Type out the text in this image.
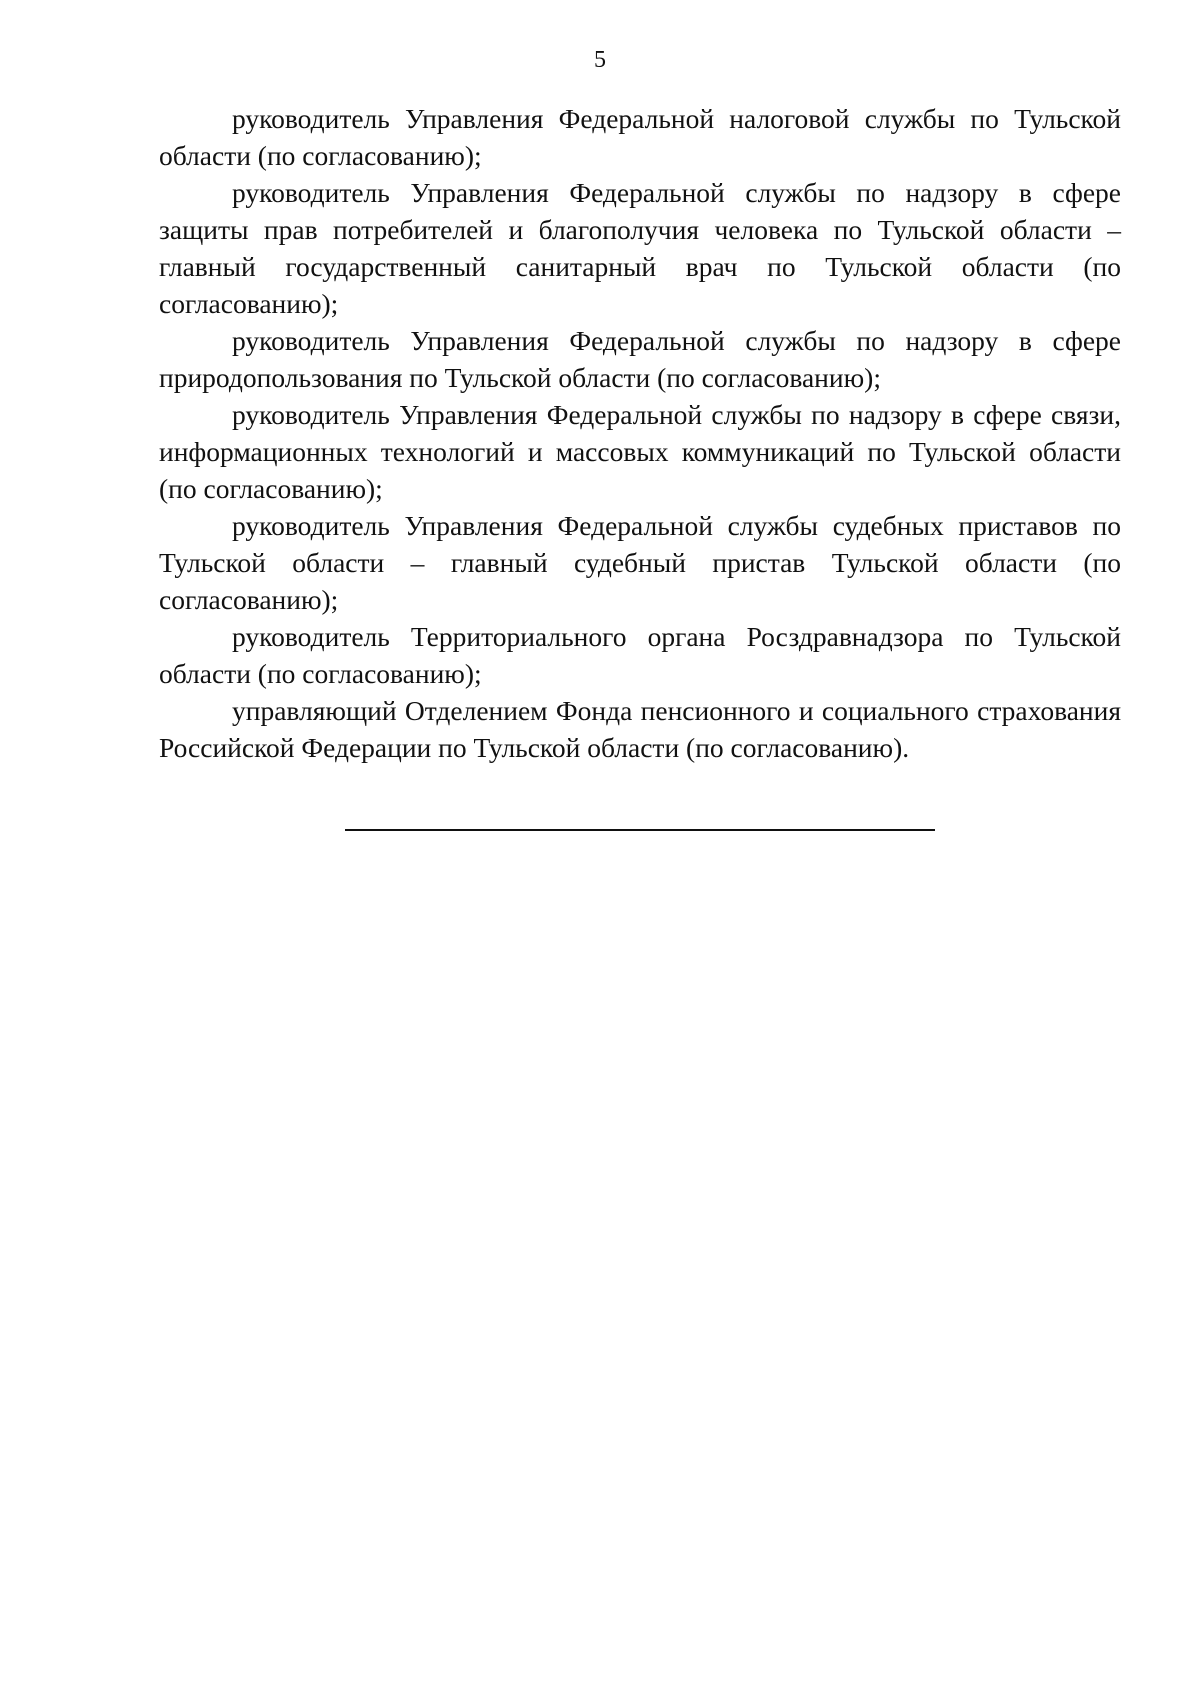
5

руководитель Управления Федеральной налоговой службы по Тульской области (по согласованию);

руководитель Управления Федеральной службы по надзору в сфере защиты прав потребителей и благополучия человека по Тульской области – главный государственный санитарный врач по Тульской области (по согласованию);

руководитель Управления Федеральной службы по надзору в сфере природопользования по Тульской области (по согласованию);

руководитель Управления Федеральной службы по надзору в сфере связи, информационных технологий и массовых коммуникаций по Тульской области (по согласованию);

руководитель Управления Федеральной службы судебных приставов по Тульской области – главный судебный пристав Тульской области (по согласованию);

руководитель Территориального органа Росздравнадзора по Тульской области (по согласованию);

управляющий Отделением Фонда пенсионного и социального страхования Российской Федерации по Тульской области (по согласованию).
